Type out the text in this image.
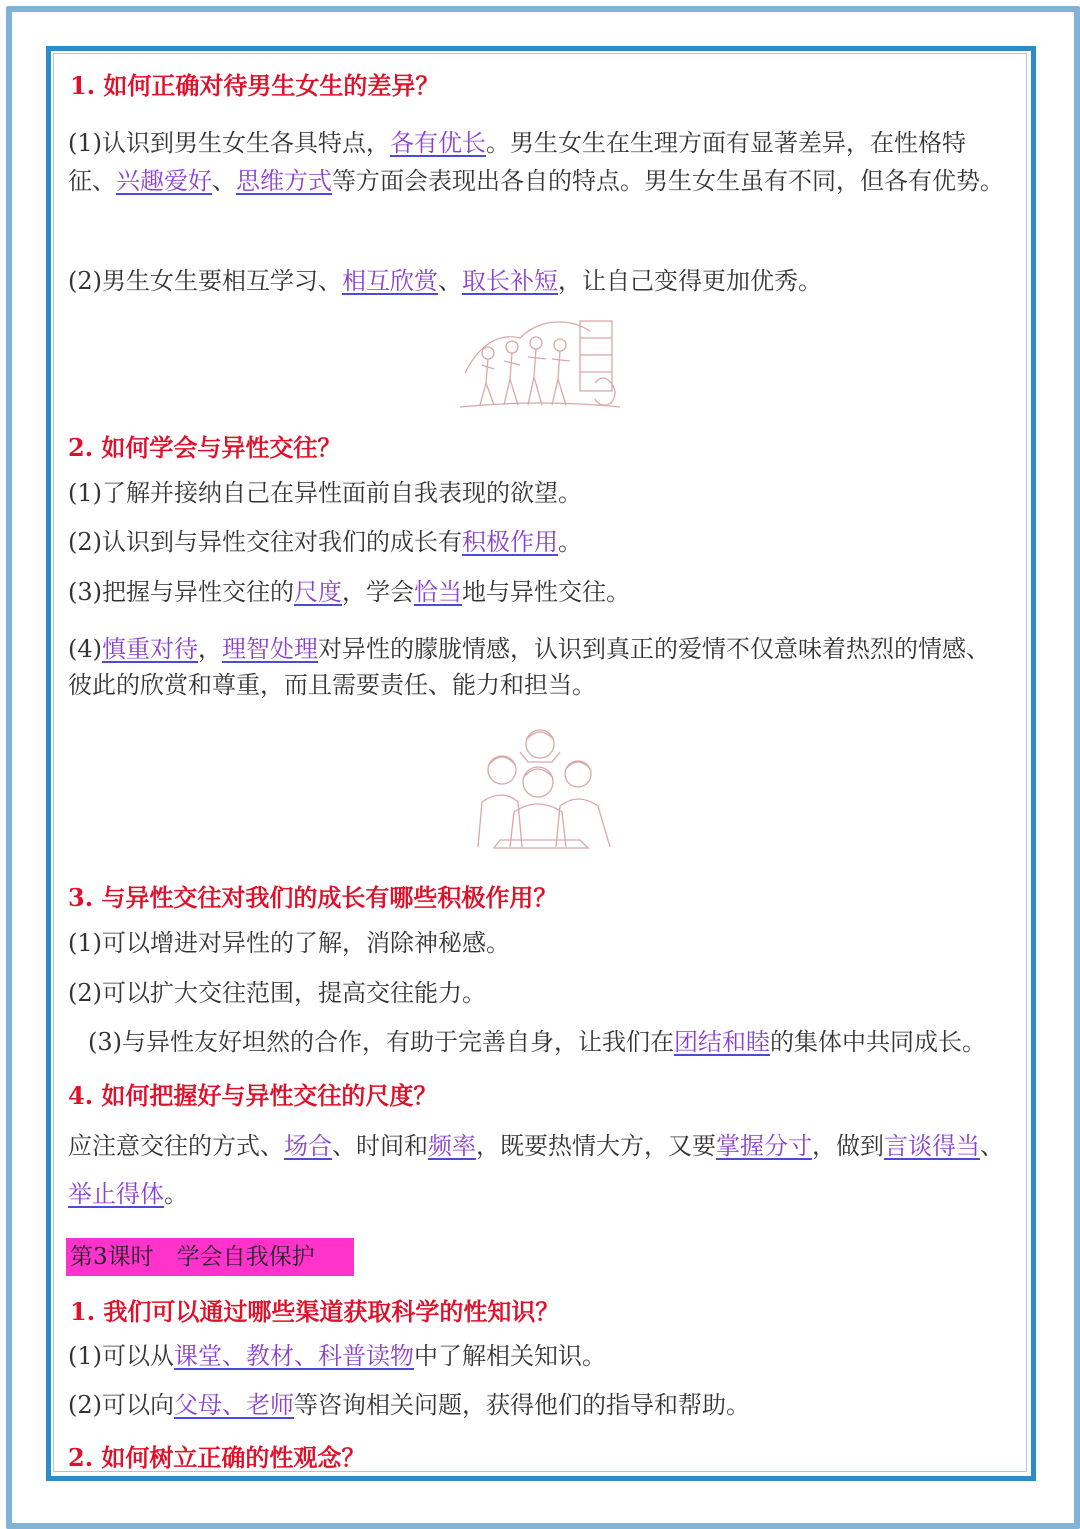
1. 如何正确对待男生女生的差异？
(1)认识到男生女生各具特点，各有优长。男生女生在生理方面有显著差异，在性格特征、兴趣爱好、思维方式等方面会表现出各自的特点。男生女生虽有不同，但各有优势。
(2)男生女生要相互学习、相互欣赏、取长补短，让自己变得更加优秀。
2. 如何学会与异性交往？
(1)了解并接纳自己在异性面前自我表现的欲望。
(2)认识到与异性交往对我们的成长有积极作用。
(3)把握与异性交往的尺度，学会恰当地与异性交往。
(4)慎重对待，理智处理对异性的朦胧情感，认识到真正的爱情不仅意味着热烈的情感、彼此的欣赏和尊重，而且需要责任、能力和担当。
3. 与异性交往对我们的成长有哪些积极作用？
(1)可以增进对异性的了解，消除神秘感。
(2)可以扩大交往范围，提高交往能力。
(3)与异性友好坦然的合作，有助于完善自身，让我们在团结和睦的集体中共同成长。
4. 如何把握好与异性交往的尺度？
应注意交往的方式、场合、时间和频率，既要热情大方，又要掌握分寸，做到言谈得当、举止得体。
第3课时　学会自我保护
1. 我们可以通过哪些渠道获取科学的性知识？
(1)可以从课堂、教材、科普读物中了解相关知识。
(2)可以向父母、老师等咨询相关问题，获得他们的指导和帮助。
2. 如何树立正确的性观念？
